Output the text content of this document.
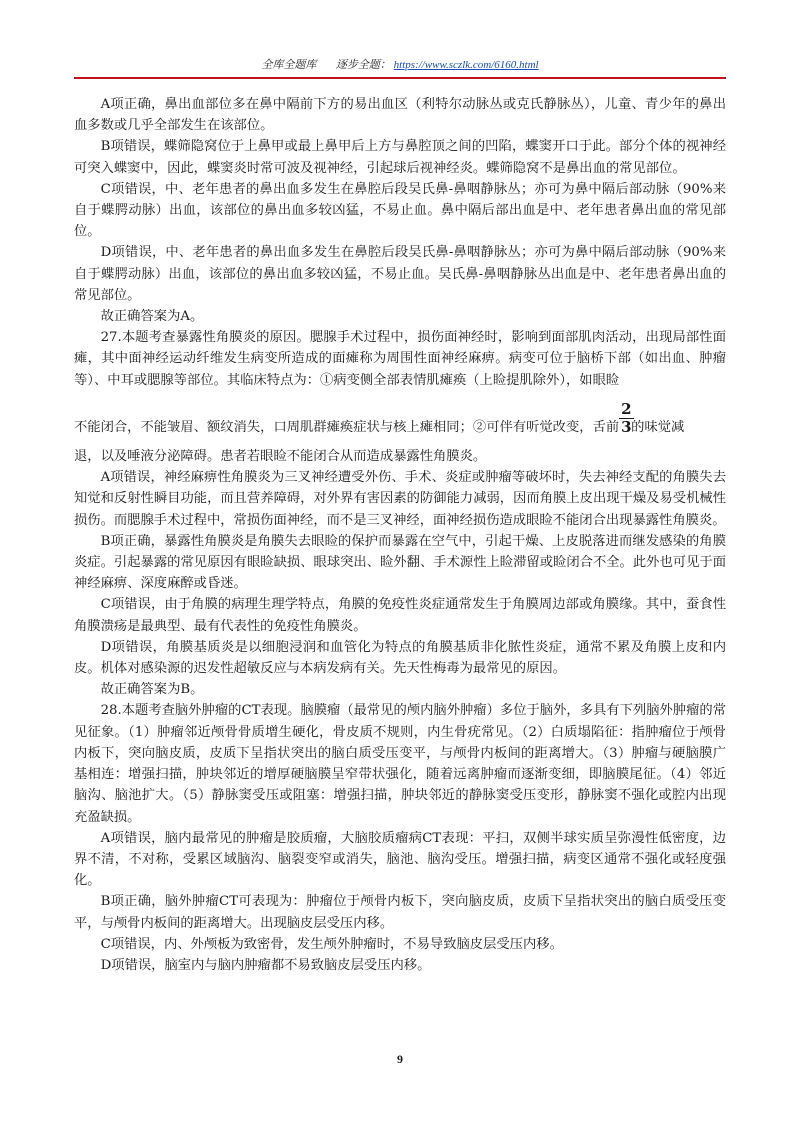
全库全题库 逐步全题： https://www.sczlk.com/6160.html

A项正确，鼻出血部位多在鼻中隔前下方的易出血区（利特尔动脉丛或克氏静脉丛），儿童、青少年的鼻出血多数或几乎全部发生在该部位。

B项错误，蝶筛隐窝位于上鼻甲或最上鼻甲后上方与鼻腔顶之间的凹陷，蝶窦开口于此。部分个体的视神经可突入蝶窦中，因此，蝶窦炎时常可波及视神经，引起球后视神经炎。蝶筛隐窝不是鼻出血的常见部位。

C项错误，中、老年患者的鼻出血多发生在鼻腔后段吴氏鼻-鼻咽静脉丛；亦可为鼻中隔后部动脉（90%来自于蝶腭动脉）出血，该部位的鼻出血多较凶猛，不易止血。鼻中隔后部出血是中、老年患者鼻出血的常见部位。

D项错误，中、老年患者的鼻出血多发生在鼻腔后段吴氏鼻-鼻咽静脉丛；亦可为鼻中隔后部动脉（90%来自于蝶腭动脉）出血，该部位的鼻出血多较凶猛，不易止血。吴氏鼻-鼻咽静脉丛出血是中、老年患者鼻出血的常见部位。

故正确答案为A。

27.本题考查暴露性角膜炎的原因。腮腺手术过程中，损伤面神经时，影响到面部肌肉活动，出现局部性面瘫，其中面神经运动纤维发生病变所造成的面瘫称为周围性面神经麻痹。病变可位于脑桥下部（如出血、肿瘤等）、中耳或腮腺等部位。其临床特点为：①病变侧全部表情肌瘫痪（上睑提肌除外），如眼睑

不能闭合，不能皱眉、额纹消失，口周肌群瘫痪症状与核上瘫相同；②可伴有听觉改变，舌前 $\frac{2}{3}$
的味觉减

退，以及唾液分泌障碍。患者若眼睑不能闭合从而造成暴露性角膜炎。

A项错误，神经麻痹性角膜炎为三叉神经遭受外伤、手术、炎症或肿瘤等破坏时，失去神经支配的角膜失去知觉和反射性瞬目功能，而且营养障碍，对外界有害因素的防御能力减弱，因而角膜上皮出现干燥及易受机械性损伤。而腮腺手术过程中，常损伤面神经，而不是三叉神经，面神经损伤造成眼睑不能闭合出现暴露性角膜炎。

B项正确，暴露性角膜炎是角膜失去眼睑的保护而暴露在空气中，引起干燥、上皮脱落进而继发感染的角膜炎症。引起暴露的常见原因有眼睑缺损、眼球突出、睑外翻、手术源性上睑滞留或睑闭合不全。此外也可见于面神经麻痹、深度麻醉或昏迷。

C项错误，由于角膜的病理生理学特点，角膜的免疫性炎症通常发生于角膜周边部或角膜缘。其中，蚕食性角膜溃疡是最典型、最有代表性的免疫性角膜炎。

D项错误，角膜基质炎是以细胞浸润和血管化为特点的角膜基质非化脓性炎症，通常不累及角膜上皮和内皮。机体对感染源的迟发性超敏反应与本病发病有关。先天性梅毒为最常见的原因。

故正确答案为B。

28.本题考查脑外肿瘤的CT表现。脑膜瘤（最常见的颅内脑外肿瘤）多位于脑外，多具有下列脑外肿瘤的常见征象。（1）肿瘤邻近颅骨骨质增生硬化，骨皮质不规则，内生骨疣常见。（2）白质塌陷征：指肿瘤位于颅骨内板下，突向脑皮质，皮质下呈指状突出的脑白质受压变平，与颅骨内板间的距离增大。（3）肿瘤与硬脑膜广基相连：增强扫描，肿块邻近的增厚硬脑膜呈窄带状强化，随着远离肿瘤而逐渐变细，即脑膜尾征。（4）邻近脑沟、脑池扩大。（5）静脉窦受压或阻塞：增强扫描，肿块邻近的静脉窦受压变形，静脉窦不强化或腔内出现充盈缺损。

A项错误，脑内最常见的肿瘤是胶质瘤，大脑胶质瘤病CT表现：平扫，双侧半球实质呈弥漫性低密度，边界不清，不对称，受累区域脑沟、脑裂变窄或消失，脑池、脑沟受压。增强扫描，病变区通常不强化或轻度强化。

B项正确，脑外肿瘤CT可表现为：肿瘤位于颅骨内板下，突向脑皮质，皮质下呈指状突出的脑白质受压变平，与颅骨内板间的距离增大。出现脑皮层受压内移。

C项错误，内、外颅板为致密骨，发生颅外肿瘤时，不易导致脑皮层受压内移。

D项错误，脑室内与脑内肿瘤都不易致脑皮层受压内移。

9
